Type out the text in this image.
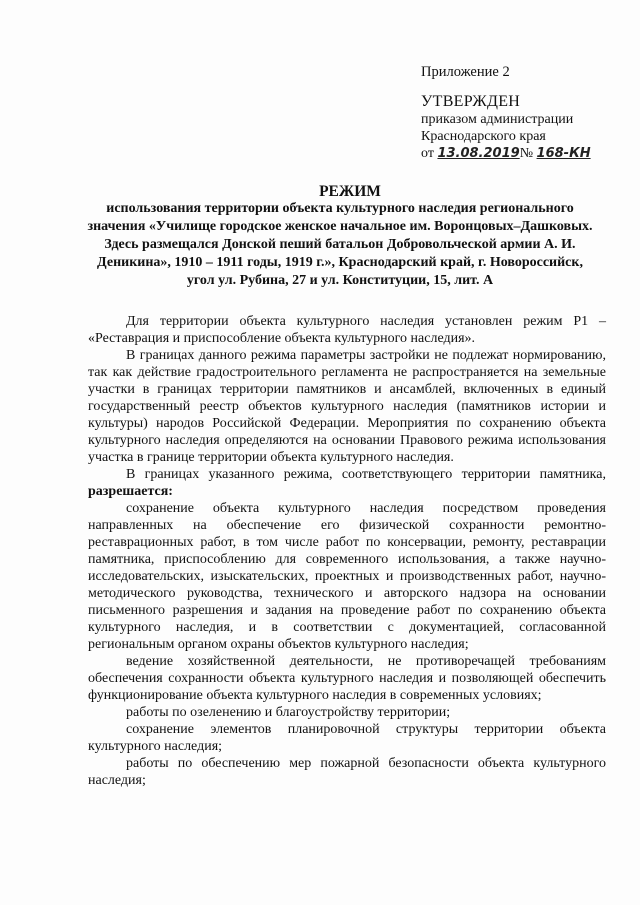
Приложение 2
УТВЕРЖДЕН
приказом администрации
Краснодарского края
от 13.08.2019№ 168-КН
РЕЖИМ
использования территории объекта культурного наследия регионального значения «Училище городское женское начальное им. Воронцовых–Дашковых. Здесь размещался Донской пеший батальон Добровольческой армии А. И. Деникина», 1910 – 1911 годы, 1919 г.», Краснодарский край, г. Новороссийск, угол ул. Рубина, 27 и ул. Конституции, 15, лит. А

Для территории объекта культурного наследия установлен режим Р1 – «Реставрация и приспособление объекта культурного наследия».

В границах данного режима параметры застройки не подлежат нормированию, так как действие градостроительного регламента не распространяется на земельные участки в границах территории памятников и ансамблей, включенных в единый государственный реестр объектов культурного наследия (памятников истории и культуры) народов Российской Федерации. Мероприятия по сохранению объекта культурного наследия определяются на основании Правового режима использования участка в границе территории объекта культурного наследия.

В границах указанного режима, соответствующего территории памятника, разрешается:

сохранение объекта культурного наследия посредством проведения направленных на обеспечение его физической сохранности ремонтно-реставрационных работ, в том числе работ по консервации, ремонту, реставрации памятника, приспособлению для современного использования, а также научно-исследовательских, изыскательских, проектных и производственных работ, научно-методического руководства, технического и авторского надзора на основании письменного разрешения и задания на проведение работ по сохранению объекта культурного наследия, и в соответствии с документацией, согласованной региональным органом охраны объектов культурного наследия;

ведение хозяйственной деятельности, не противоречащей требованиям обеспечения сохранности объекта культурного наследия и позволяющей обеспечить функционирование объекта культурного наследия в современных условиях;

работы по озеленению и благоустройству территории;

сохранение элементов планировочной структуры территории объекта культурного наследия;

работы по обеспечению мер пожарной безопасности объекта культурного наследия;
